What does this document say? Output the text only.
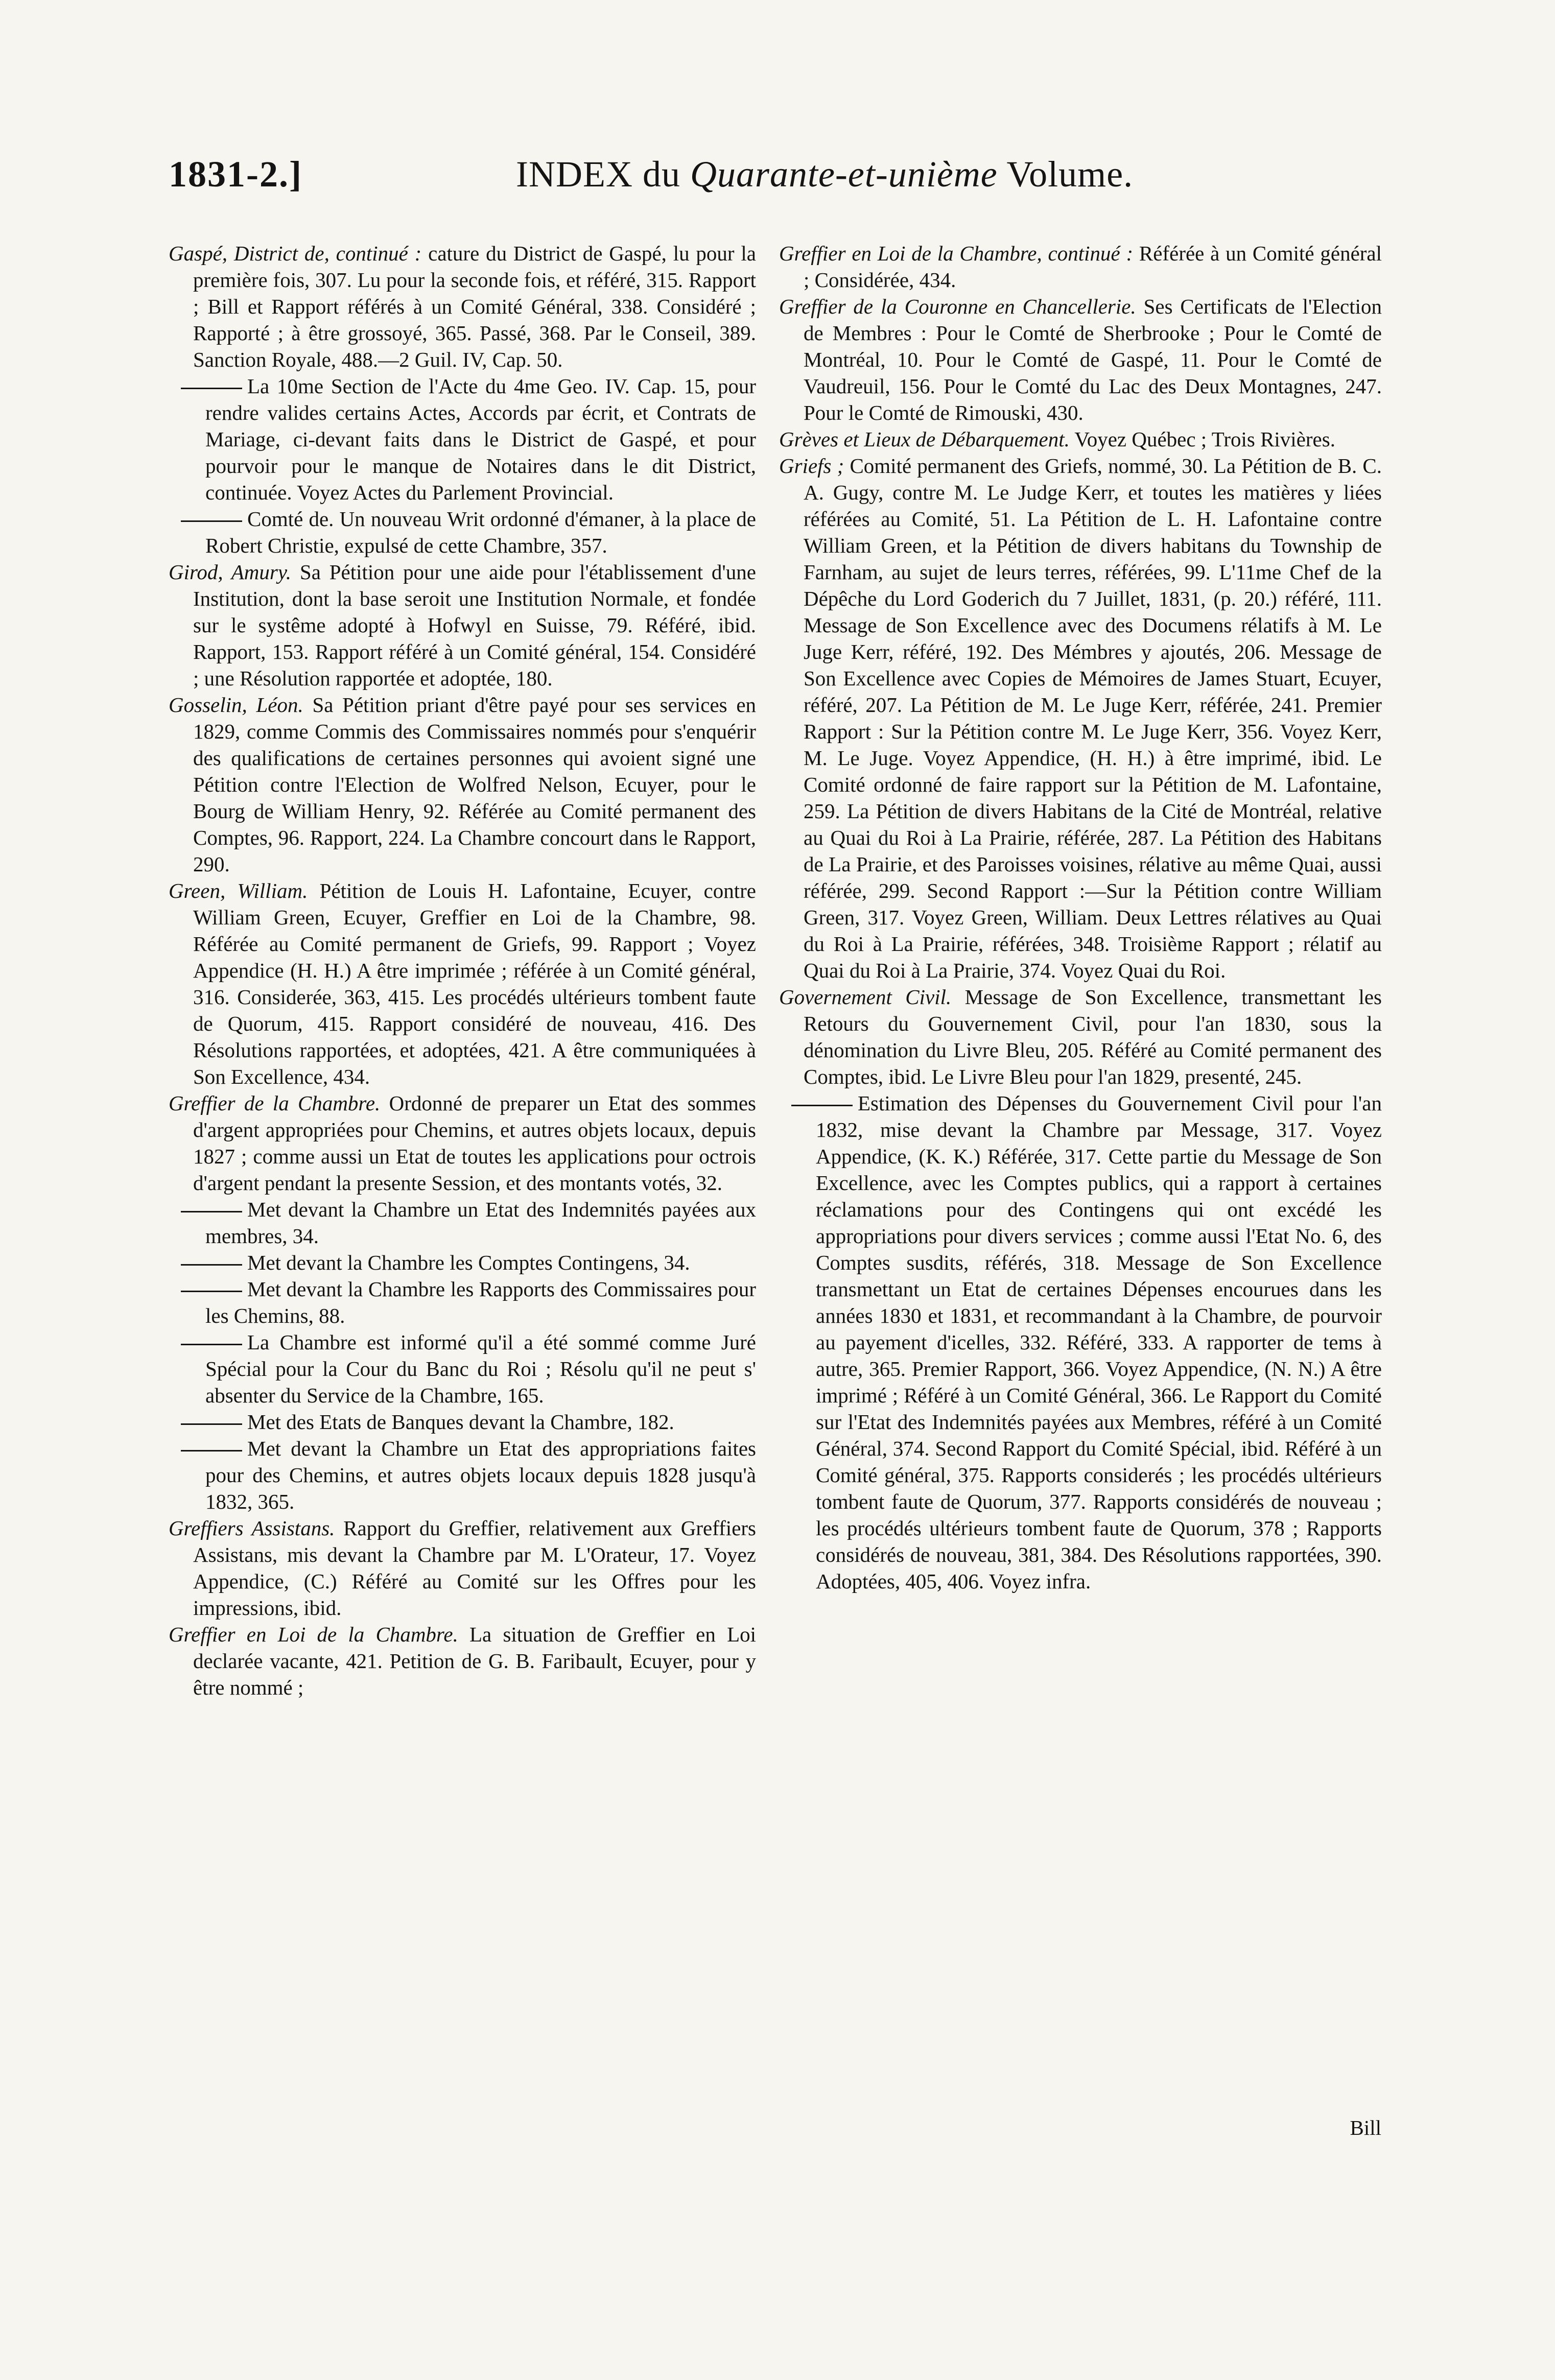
1831-2.]	INDEX du Quarante-et-unième Volume.

Gaspé, District de, continué : cature du District de Gaspé, lu pour la première fois, 307. Lu pour la seconde fois, et référé, 315. Rapport ; Bill et Rapport référés à un Comité Général, 338. Considéré ; Rapporté ; à être grossoyé, 365. Passé, 368. Par le Conseil, 389. Sanction Royale, 488.—2 Guil. IV, Cap. 50.

La 10me Section de l'Acte du 4me Geo. IV. Cap. 15, pour rendre valides certains Actes, Accords par écrit, et Contrats de Mariage, ci-devant faits dans le District de Gaspé, et pour pourvoir pour le manque de Notaires dans le dit District, continuée. Voyez Actes du Parlement Provincial.

Comté de. Un nouveau Writ ordonné d'émaner, à la place de Robert Christie, expulsé de cette Chambre, 357.

Girod, Amury. Sa Pétition pour une aide pour l'établissement d'une Institution, dont la base seroit une Institution Normale, et fondée sur le systême adopté à Hofwyl en Suisse, 79. Référé, ibid. Rapport, 153. Rapport référé à un Comité général, 154. Considéré ; une Résolution rapportée et adoptée, 180.

Gosselin, Léon. Sa Pétition priant d'être payé pour ses services en 1829, comme Commis des Commissaires nommés pour s'enquérir des qualifications de certaines personnes qui avoient signé une Pétition contre l'Election de Wolfred Nelson, Ecuyer, pour le Bourg de William Henry, 92. Référée au Comité permanent des Comptes, 96. Rapport, 224. La Chambre concourt dans le Rapport, 290.

Green, William. Pétition de Louis H. Lafontaine, Ecuyer, contre William Green, Ecuyer, Greffier en Loi de la Chambre, 98. Référée au Comité permanent de Griefs, 99. Rapport ; Voyez Appendice (H. H.) A être imprimée ; référée à un Comité général, 316. Considerée, 363, 415. Les procédés ultérieurs tombent faute de Quorum, 415. Rapport considéré de nouveau, 416. Des Résolutions rapportées, et adoptées, 421. A être communiquées à Son Excellence, 434.

Greffier de la Chambre. Ordonné de preparer un Etat des sommes d'argent appropriées pour Chemins, et autres objets locaux, depuis 1827 ; comme aussi un Etat de toutes les applications pour octrois d'argent pendant la presente Session, et des montants votés, 32.

Met devant la Chambre un Etat des Indemnités payées aux membres, 34.

Met devant la Chambre les Comptes Contingens, 34.

Met devant la Chambre les Rapports des Commissaires pour les Chemins, 88.

La Chambre est informé qu'il a été sommé comme Juré Spécial pour la Cour du Banc du Roi ; Résolu qu'il ne peut s' absenter du Service de la Chambre, 165.

Met des Etats de Banques devant la Chambre, 182.

Met devant la Chambre un Etat des appropriations faites pour des Chemins, et autres objets locaux depuis 1828 jusqu'à 1832, 365.

Greffiers Assistans. Rapport du Greffier, relativement aux Greffiers Assistans, mis devant la Chambre par M. L'Orateur, 17. Voyez Appendice, (C.) Référé au Comité sur les Offres pour les impressions, ibid.

Greffier en Loi de la Chambre. La situation de Greffier en Loi declarée vacante, 421. Petition de G. B. Faribault, Ecuyer, pour y être nommé ;

Greffier en Loi de la Chambre, continué : Référée à un Comité général ; Considérée, 434.

Greffier de la Couronne en Chancellerie. Ses Certificats de l'Election de Membres : Pour le Comté de Sherbrooke ; Pour le Comté de Montréal, 10. Pour le Comté de Gaspé, 11. Pour le Comté de Vaudreuil, 156. Pour le Comté du Lac des Deux Montagnes, 247. Pour le Comté de Rimouski, 430.

Grèves et Lieux de Débarquement. Voyez Québec ; Trois Rivières.

Griefs ; Comité permanent des Griefs, nommé, 30. La Pétition de B. C. A. Gugy, contre M. Le Judge Kerr, et toutes les matières y liées référées au Comité, 51. La Pétition de L. H. Lafontaine contre William Green, et la Pétition de divers habitans du Township de Farnham, au sujet de leurs terres, référées, 99. L'11me Chef de la Dépêche du Lord Goderich du 7 Juillet, 1831, (p. 20.) référé, 111. Message de Son Excellence avec des Documens rélatifs à M. Le Juge Kerr, référé, 192. Des Mémbres y ajoutés, 206. Message de Son Excellence avec Copies de Mémoires de James Stuart, Ecuyer, référé, 207. La Pétition de M. Le Juge Kerr, référée, 241. Premier Rapport : Sur la Pétition contre M. Le Juge Kerr, 356. Voyez Kerr, M. Le Juge. Voyez Appendice, (H. H.) à être imprimé, ibid. Le Comité ordonné de faire rapport sur la Pétition de M. Lafontaine, 259. La Pétition de divers Habitans de la Cité de Montréal, relative au Quai du Roi à La Prairie, référée, 287. La Pétition des Habitans de La Prairie, et des Paroisses voisines, rélative au même Quai, aussi référée, 299. Second Rapport :—Sur la Pétition contre William Green, 317. Voyez Green, William. Deux Lettres rélatives au Quai du Roi à La Prairie, référées, 348. Troisième Rapport ; rélatif au Quai du Roi à La Prairie, 374. Voyez Quai du Roi.

Governement Civil. Message de Son Excellence, transmettant les Retours du Gouvernement Civil, pour l'an 1830, sous la dénomination du Livre Bleu, 205. Référé au Comité permanent des Comptes, ibid. Le Livre Bleu pour l'an 1829, presenté, 245.

Estimation des Dépenses du Gouvernement Civil pour l'an 1832, mise devant la Chambre par Message, 317. Voyez Appendice, (K. K.) Référée, 317. Cette partie du Message de Son Excellence, avec les Comptes publics, qui a rapport à certaines réclamations pour des Contingens qui ont excédé les appropriations pour divers services ; comme aussi l'Etat No. 6, des Comptes susdits, référés, 318. Message de Son Excellence transmettant un Etat de certaines Dépenses encourues dans les années 1830 et 1831, et recommandant à la Chambre, de pourvoir au payement d'icelles, 332. Référé, 333. A rapporter de tems à autre, 365. Premier Rapport, 366. Voyez Appendice, (N. N.) A être imprimé ; Référé à un Comité Général, 366. Le Rapport du Comité sur l'Etat des Indemnités payées aux Membres, référé à un Comité Général, 374. Second Rapport du Comité Spécial, ibid. Référé à un Comité général, 375. Rapports considerés ; les procédés ultérieurs tombent faute de Quorum, 377. Rapports considérés de nouveau ; les procédés ultérieurs tombent faute de Quorum, 378 ; Rapports considérés de nouveau, 381, 384. Des Résolutions rapportées, 390. Adoptées, 405, 406. Voyez infra.

Bill
